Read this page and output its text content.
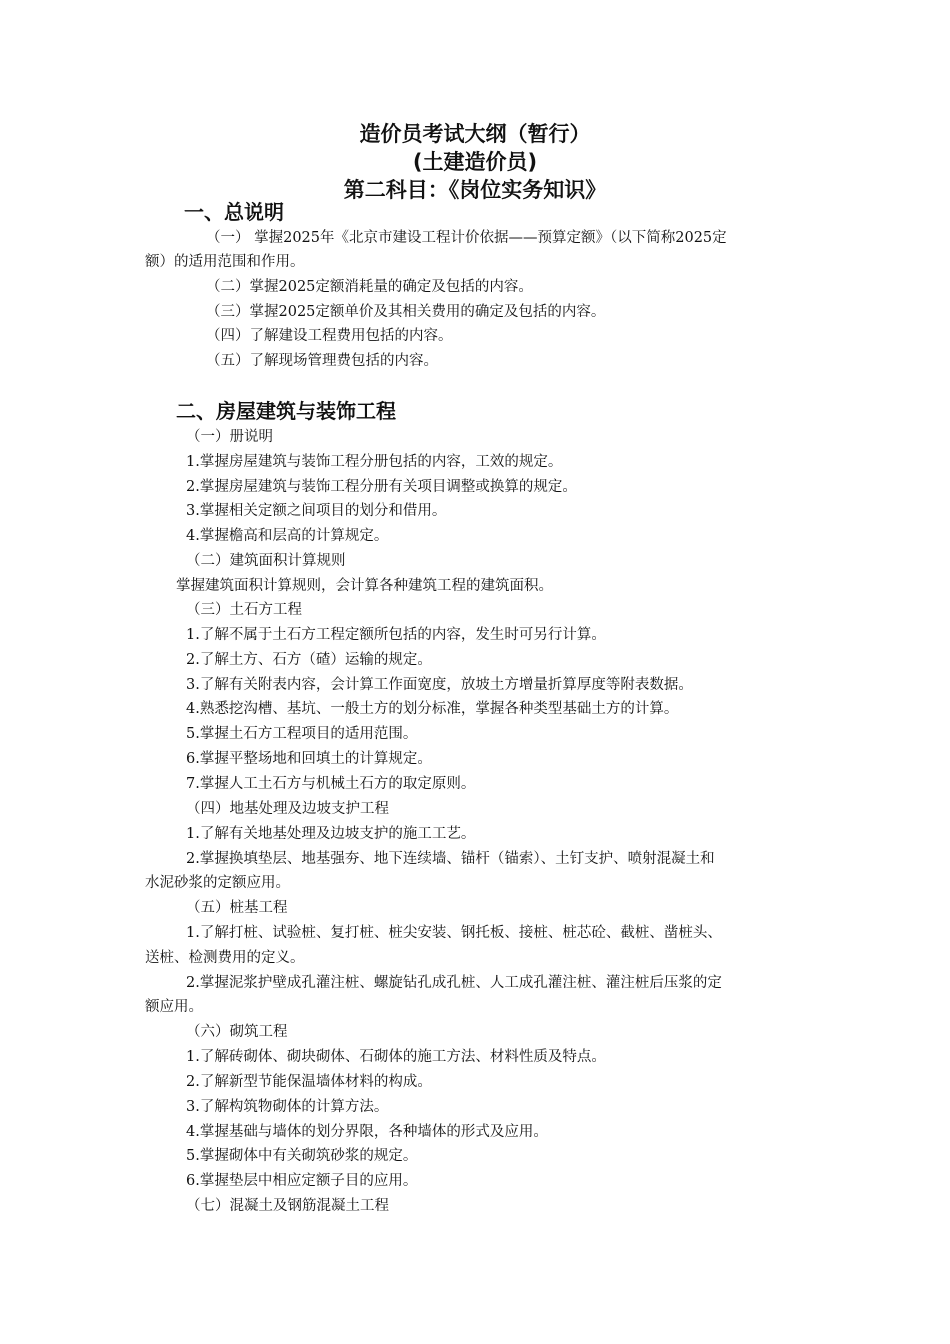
造价员考试大纲（暂行）
(土建造价员)
第二科目：《岗位实务知识》
一、总说明
（一） 掌握2025年《北京市建设工程计价依据——预算定额》（以下简称2025定
额）的适用范围和作用。
（二）掌握2025定额消耗量的确定及包括的内容。
（三）掌握2025定额单价及其相关费用的确定及包括的内容。
（四）了解建设工程费用包括的内容。
（五）了解现场管理费包括的内容。
二、房屋建筑与装饰工程
（一）册说明
1.掌握房屋建筑与装饰工程分册包括的内容，工效的规定。
2.掌握房屋建筑与装饰工程分册有关项目调整或换算的规定。
3.掌握相关定额之间项目的划分和借用。
4.掌握檐高和层高的计算规定。
（二）建筑面积计算规则
掌握建筑面积计算规则，会计算各种建筑工程的建筑面积。
（三）土石方工程
1.了解不属于土石方工程定额所包括的内容，发生时可另行计算。
2.了解土方、石方（碴）运输的规定。
3.了解有关附表内容，会计算工作面宽度，放坡土方增量折算厚度等附表数据。
4.熟悉挖沟槽、基坑、一般土方的划分标准，掌握各种类型基础土方的计算。
5.掌握土石方工程项目的适用范围。
6.掌握平整场地和回填土的计算规定。
7.掌握人工土石方与机械土石方的取定原则。
（四）地基处理及边坡支护工程
1.了解有关地基处理及边坡支护的施工工艺。
2.掌握换填垫层、地基强夯、地下连续墙、锚杆（锚索）、土钉支护、喷射混凝土和
水泥砂浆的定额应用。
（五）桩基工程
1.了解打桩、试验桩、复打桩、桩尖安装、钢托板、接桩、桩芯砼、截桩、凿桩头、
送桩、检测费用的定义。
2.掌握泥浆护壁成孔灌注桩、螺旋钻孔成孔桩、人工成孔灌注桩、灌注桩后压浆的定
额应用。
（六）砌筑工程
1.了解砖砌体、砌块砌体、石砌体的施工方法、材料性质及特点。
2.了解新型节能保温墙体材料的构成。
3.了解构筑物砌体的计算方法。
4.掌握基础与墙体的划分界限，各种墙体的形式及应用。
5.掌握砌体中有关砌筑砂浆的规定。
6.掌握垫层中相应定额子目的应用。
（七）混凝土及钢筋混凝土工程
